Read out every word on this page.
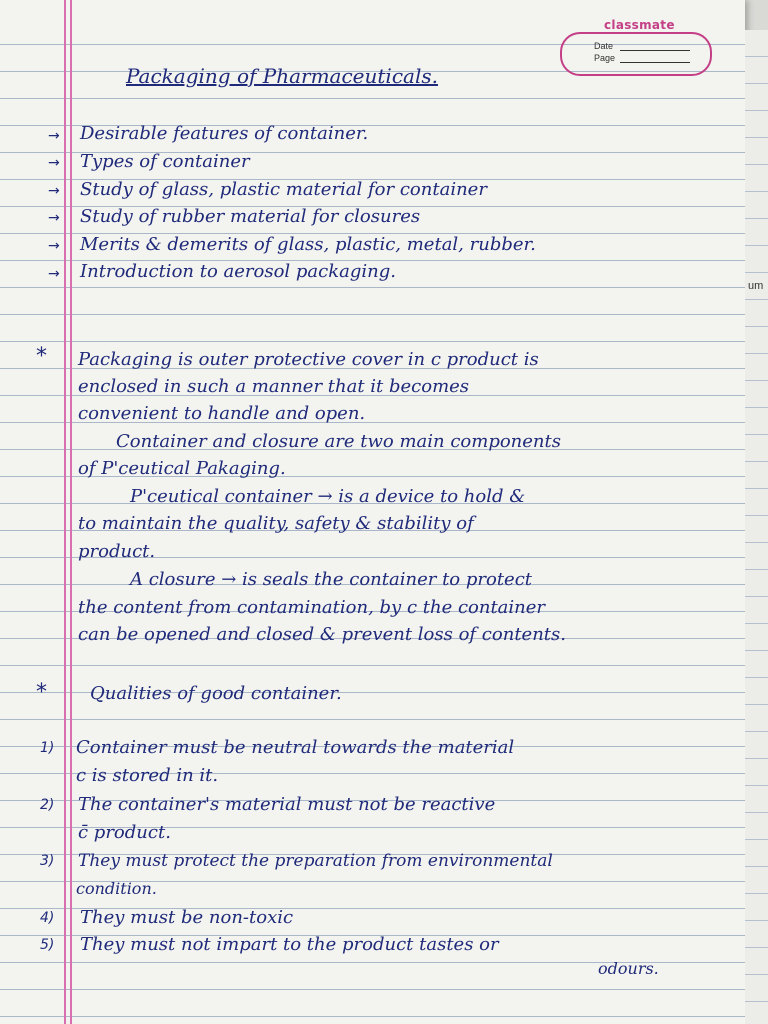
classmate
Date
Page
Packaging of Pharmaceuticals.
→ Desirable features of container.
→ Types of container
→ Study of glass, plastic material for container
→ Study of rubber material for closures
→ Merits & demerits of glass, plastic, metal, rubber.
→ Introduction to aerosol packaging.
* Packaging is outer protective cover in c product is
enclosed in such a manner that it becomes
convenient to handle and open.
Container and closure are two main components
of P'ceutical Pakaging.
P'ceutical container → is a device to hold &
to maintain the quality, safety & stability of
product.
A closure → is seals the container to protect
the content from contamination, by c the container
can be opened and closed & prevent loss of contents.
* Qualities of good container.
1) Container must be neutral towards the material
c is stored in it.
2) The container's material must not be reactive
c̄ product.
3) They must protect the preparation from environmental
condition.
4) They must be non-toxic
5) They must not impart to the product tastes or
odours.
um
